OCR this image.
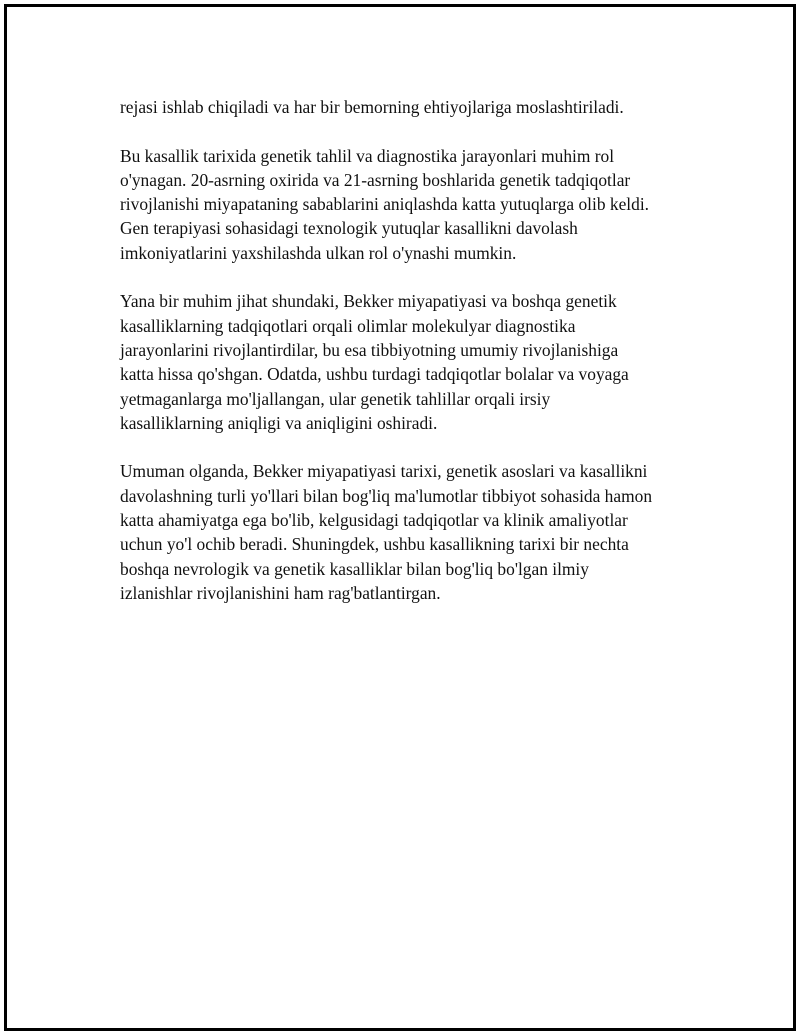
rejasi ishlab chiqiladi va har bir bemorning ehtiyojlariga moslashtiriladi.

Bu kasallik tarixida genetik tahlil va diagnostika jarayonlari muhim rol
o'ynagan. 20-asrning oxirida va 21-asrning boshlarida genetik tadqiqotlar
rivojlanishi miyapataning sabablarini aniqlashda katta yutuqlarga olib keldi.
Gen terapiyasi sohasidagi texnologik yutuqlar kasallikni davolash
imkoniyatlarini yaxshilashda ulkan rol o'ynashi mumkin.

Yana bir muhim jihat shundaki, Bekker miyapatiyasi va boshqa genetik
kasalliklarning tadqiqotlari orqali olimlar molekulyar diagnostika
jarayonlarini rivojlantirdilar, bu esa tibbiyotning umumiy rivojlanishiga
katta hissa qo'shgan. Odatda, ushbu turdagi tadqiqotlar bolalar va voyaga
yetmaganlarga mo'ljallangan, ular genetik tahlillar orqali irsiy
kasalliklarning aniqligi va aniqligini oshiradi.

Umuman olganda, Bekker miyapatiyasi tarixi, genetik asoslari va kasallikni
davolashning turli yo'llari bilan bog'liq ma'lumotlar tibbiyot sohasida hamon
katta ahamiyatga ega bo'lib, kelgusidagi tadqiqotlar va klinik amaliyotlar
uchun yo'l ochib beradi. Shuningdek, ushbu kasallikning tarixi bir nechta
boshqa nevrologik va genetik kasalliklar bilan bog'liq bo'lgan ilmiy
izlanishlar rivojlanishini ham rag'batlantirgan.
